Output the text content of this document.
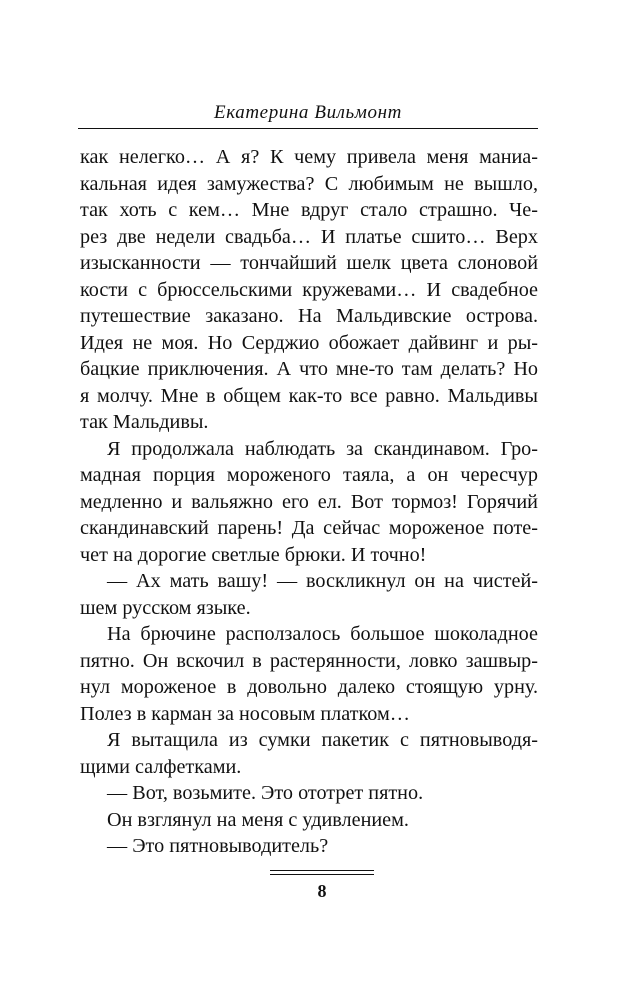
Екатерина Вильмонт
как нелегко… А я? К чему привела меня маниа-
кальная идея замужества? С любимым не вышло,
так хоть с кем… Мне вдруг стало страшно. Че-
рез две недели свадьба… И платье сшито… Верх
изысканности — тончайший шелк цвета слоновой
кости с брюссельскими кружевами… И свадебное
путешествие заказано. На Мальдивские острова.
Идея не моя. Но Серджио обожает дайвинг и ры-
бацкие приключения. А что мне-то там делать? Но
я молчу. Мне в общем как-то все равно. Мальдивы
так Мальдивы.
Я продолжала наблюдать за скандинавом. Гро-
мадная порция мороженого таяла, а он чересчур
медленно и вальяжно его ел. Вот тормоз! Горячий
скандинавский парень! Да сейчас мороженое потe-
чет на дорогие светлые брюки. И точно!
— Ах мать вашу! — воскликнул он на чистей-
шем русском языке.
На брючине расползалось большое шоколадное
пятно. Он вскочил в растерянности, ловко зашвыр-
нул мороженое в довольно далеко стоящую урну.
Полез в карман за носовым платком…
Я вытащила из сумки пакетик с пятновыводя-
щими салфетками.
— Вот, возьмите. Это ототрет пятно.
Он взглянул на меня с удивлением.
— Это пятновыводитель?
8
